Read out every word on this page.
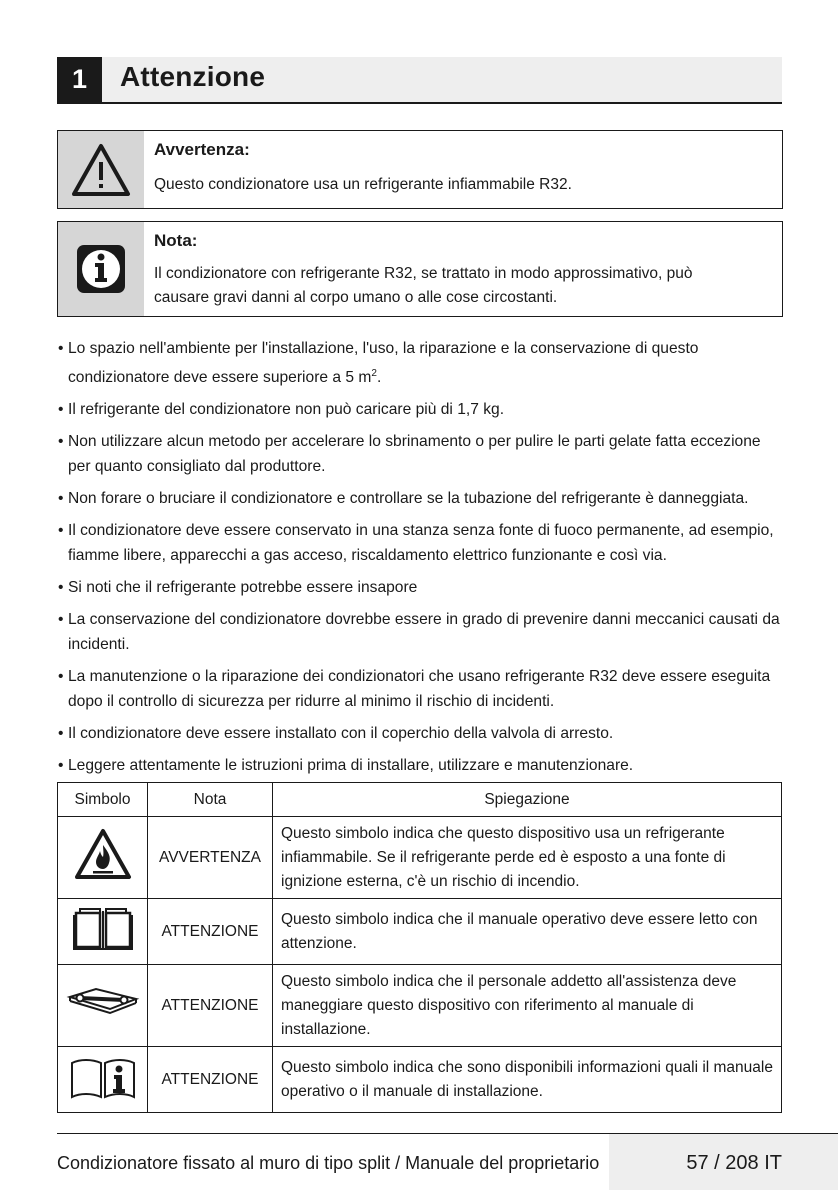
1	Attenzione
Avvertenza:
Questo condizionatore usa un refrigerante infiammabile R32.
Nota:
Il condizionatore con refrigerante R32, se trattato in modo approssimativo, può
causare gravi danni al corpo umano o alle cose circostanti.
• Lo spazio nell'ambiente per l'installazione, l'uso, la riparazione e la conservazione di questo condizionatore deve essere superiore a 5 $m^2$.
• Il refrigerante del condizionatore non può caricare più di 1,7 kg.
• Non utilizzare alcun metodo per accelerare lo sbrinamento o per pulire le parti gelate fatta eccezione per quanto consigliato dal produttore.
• Non forare o bruciare il condizionatore e controllare se la tubazione del refrigerante è danneggiata.
• Il condizionatore deve essere conservato in una stanza senza fonte di fuoco permanente, ad esempio, fiamme libere, apparecchi a gas acceso, riscaldamento elettrico funzionante e così via.
• Si noti che il refrigerante potrebbe essere insapore
• La conservazione del condizionatore dovrebbe essere in grado di prevenire danni meccanici causati da incidenti.
• La manutenzione o la riparazione dei condizionatori che usano refrigerante R32 deve essere eseguita dopo il controllo di sicurezza per ridurre al minimo il rischio di incidenti.
• Il condizionatore deve essere installato con il coperchio della valvola di arresto.
• Leggere attentamente le istruzioni prima di installare, utilizzare e manutenzionare.
Simbolo	Nota	Spiegazione
	AVVERTENZA	Questo simbolo indica che questo dispositivo usa un refrigerante infiammabile. Se il refrigerante perde ed è esposto a una fonte di ignizione esterna, c'è un rischio di incendio.
	ATTENZIONE	Questo simbolo indica che il manuale operativo deve essere letto con attenzione.
	ATTENZIONE	Questo simbolo indica che il personale addetto all'assistenza deve maneggiare questo dispositivo con riferimento al manuale di installazione.
	ATTENZIONE	Questo simbolo indica che sono disponibili informazioni quali il manuale operativo o il manuale di installazione.
Condizionatore fissato al muro di tipo split / Manuale del proprietario	57 / 208 IT
